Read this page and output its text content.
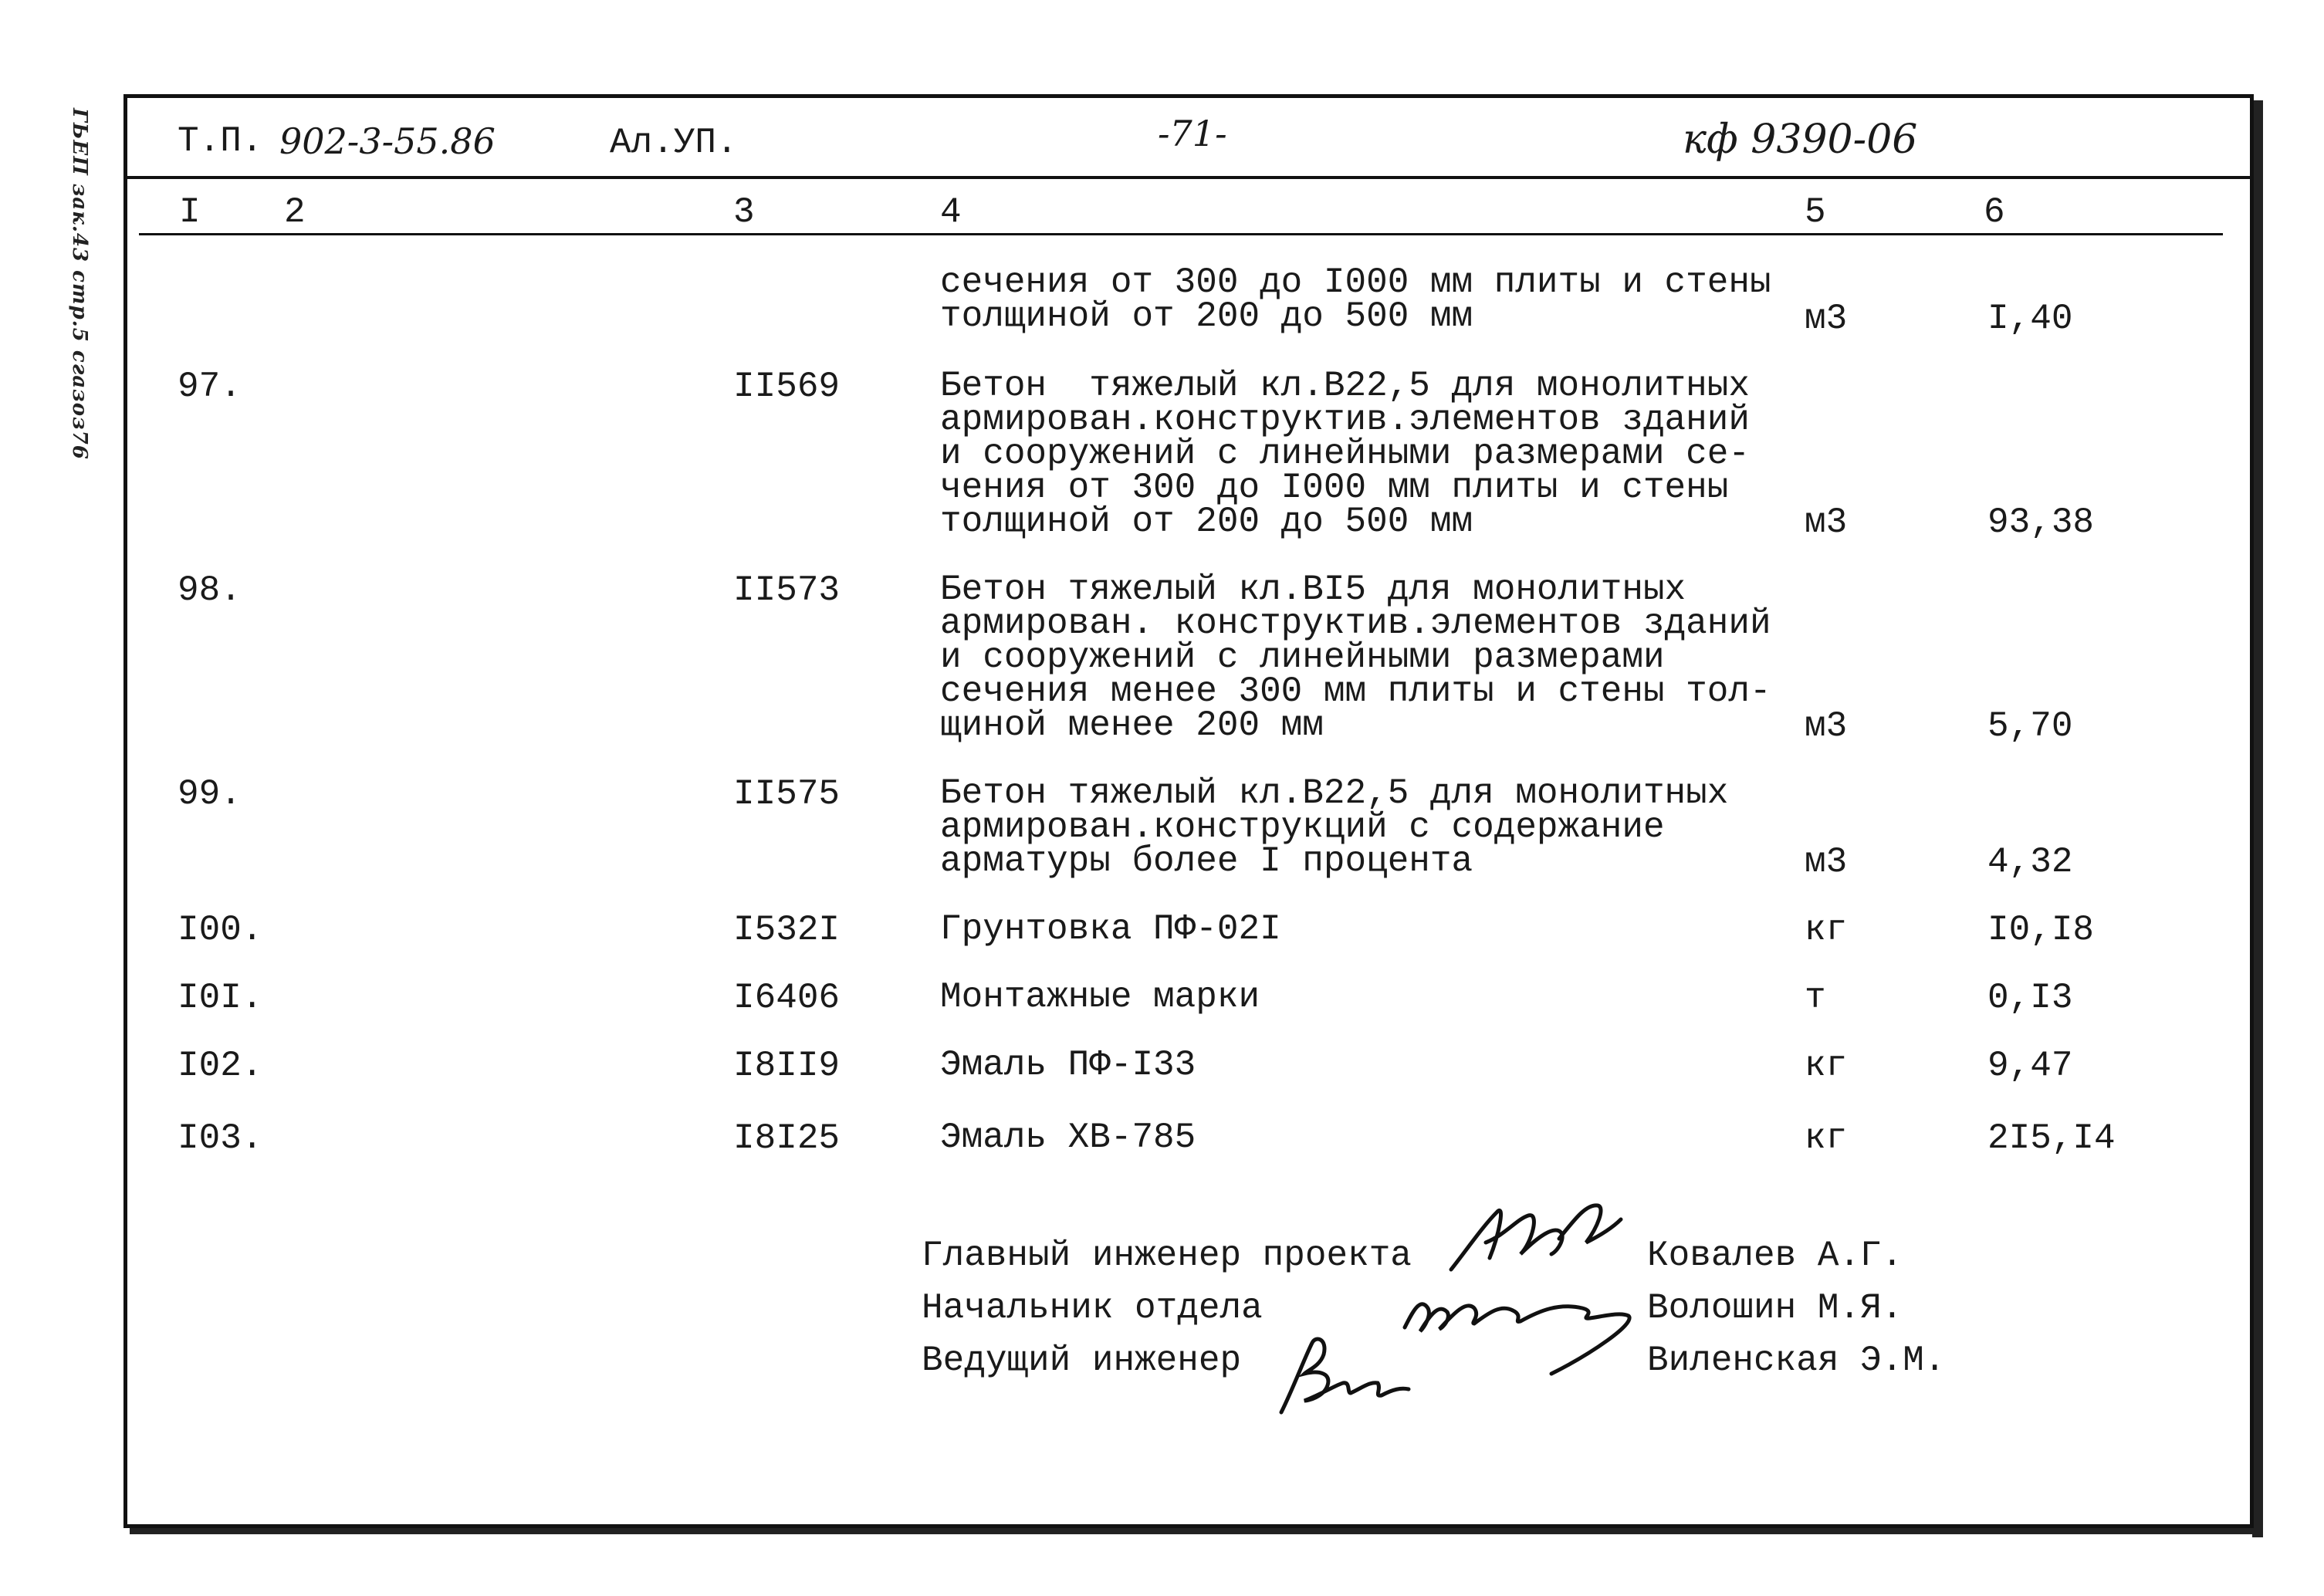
ГЬЕП зак.43 стр.5 сгазоз76 Т.П. 902-3-55.86	Ал.УП.	-71-	кф 9390-06
I 2	3	4	5	6
сечения от 300 до I000 мм плиты и стены
толщиной от 200 до 500 мм	м3	I,40
97.	II569	Бетон  тяжелый кл.В22,5 для монолитных
армирован.конструктив.элементов зданий
и сооружений с линейными размерами се-
чения от 300 до I000 мм плиты и стены
толщиной от 200 до 500 мм	м3	93,38
98.	II573	Бетон тяжелый кл.ВI5 для монолитных
армирован. конструктив.элементов зданий
и сооружений с линейными размерами
сечения менее 300 мм плиты и стены тол-
щиной менее 200 мм	м3	5,70
99.	II575	Бетон тяжелый кл.В22,5 для монолитных
армирован.конструкций с содержание
арматуры более I процента	м3	4,32
I00.	I532I	Грунтовка ПФ-02I	кг	I0,I8
I0I.	I6406	Монтажные марки	т	0,I3
I02.	I8II9	Эмаль ПФ-I33	кг	9,47
I03.	I8I25	Эмаль ХВ-785	кг	2I5,I4
Главный инженер проекта	Ковалев А.Г.
Начальник отдела	Волошин М.Я.
Ведущий инженер	Виленская Э.М.
